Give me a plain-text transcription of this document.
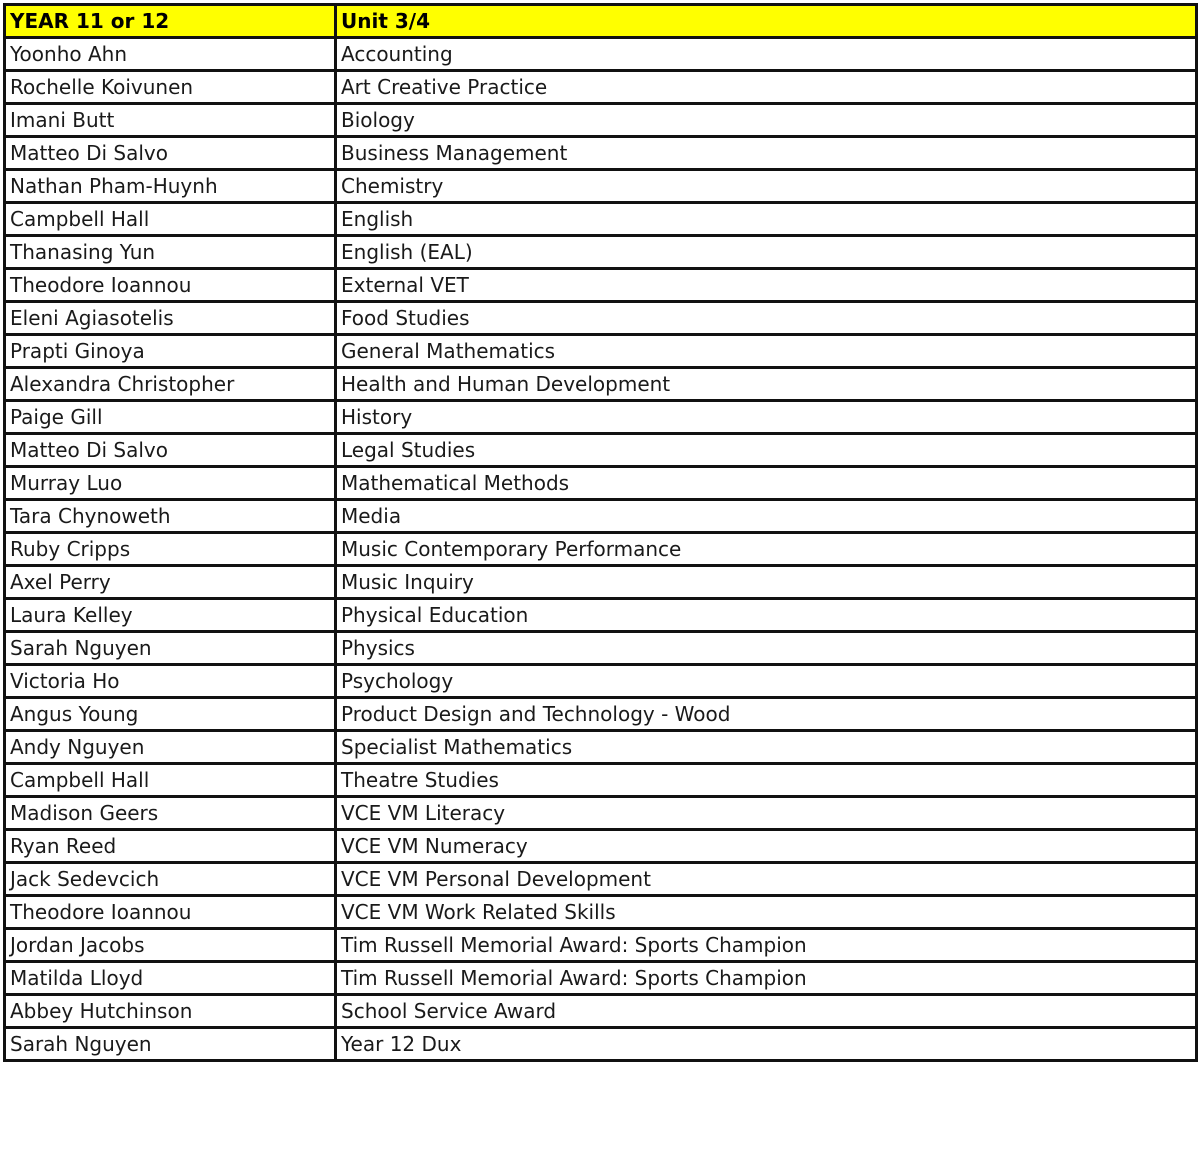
YEAR 11 or 12	Unit 3/4
Yoonho Ahn	Accounting
Rochelle Koivunen	Art Creative Practice
Imani Butt	Biology
Matteo Di Salvo	Business Management
Nathan Pham-Huynh	Chemistry
Campbell Hall	English
Thanasing Yun	English (EAL)
Theodore Ioannou	External VET
Eleni Agiasotelis	Food Studies
Prapti Ginoya	General Mathematics
Alexandra Christopher	Health and Human Development
Paige Gill	History
Matteo Di Salvo	Legal Studies
Murray Luo	Mathematical Methods
Tara Chynoweth	Media
Ruby Cripps	Music Contemporary Performance
Axel Perry	Music Inquiry
Laura Kelley	Physical Education
Sarah Nguyen	Physics
Victoria Ho	Psychology
Angus Young	Product Design and Technology - Wood
Andy Nguyen	Specialist Mathematics
Campbell Hall	Theatre Studies
Madison Geers	VCE VM Literacy
Ryan Reed	VCE VM Numeracy
Jack Sedevcich	VCE VM Personal Development
Theodore Ioannou	VCE VM Work Related Skills
Jordan Jacobs	Tim Russell Memorial Award: Sports Champion
Matilda Lloyd	Tim Russell Memorial Award: Sports Champion
Abbey Hutchinson	School Service Award
Sarah Nguyen	Year 12 Dux
